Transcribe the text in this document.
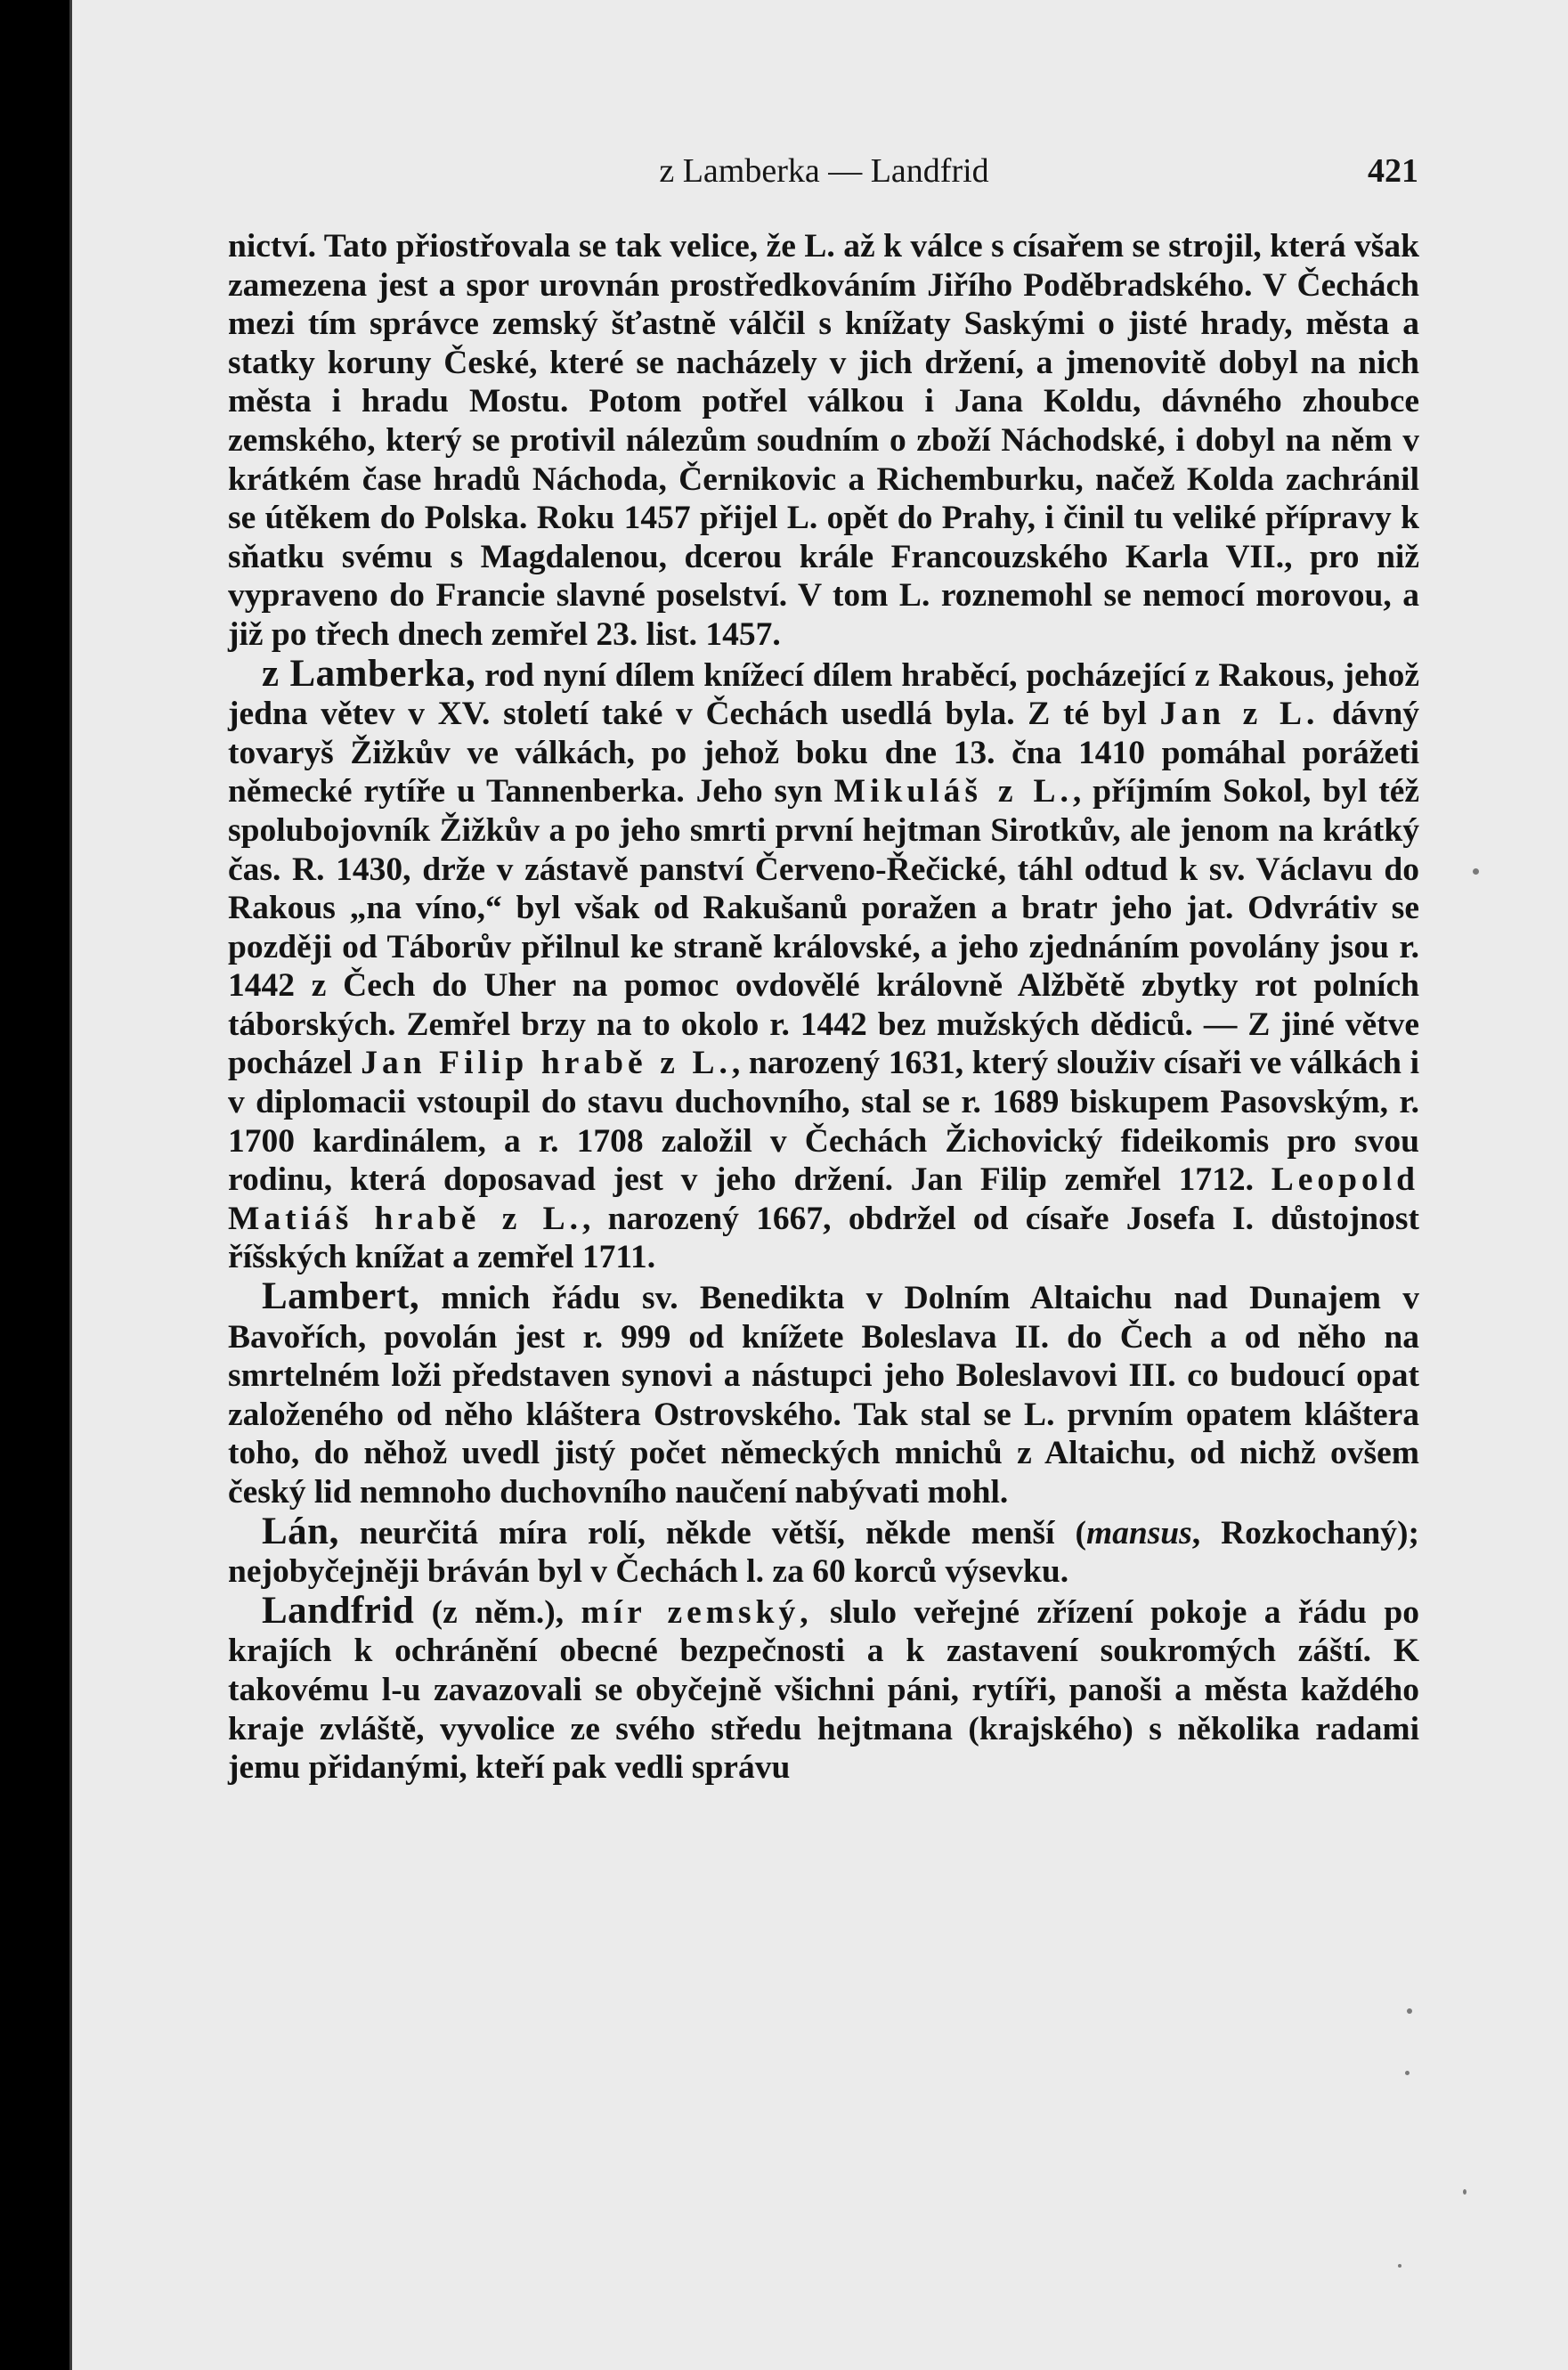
z Lamberka — Landfrid	421

nictví. Tato přiostřovala se tak velice, že L. až k válce s císařem se strojil, která však zamezena jest a spor urovnán prostředkováním Jiřího Poděbradského. V Čechách mezi tím správce zemský šťastně válčil s knížaty Saskými o jisté hrady, města a statky koruny České, které se nacházely v jich držení, a jmenovitě dobyl na nich města i hradu Mostu. Potom potřel válkou i Jana Koldu, dávného zhoubce zemského, který se protivil nálezům soudním o zboží Náchodské, i dobyl na něm v krátkém čase hradů Náchoda, Černikovic a Richemburku, načež Kolda zachránil se útěkem do Polska. Roku 1457 přijel L. opět do Prahy, i činil tu veliké přípravy k sňatku svému s Magdalenou, dcerou krále Francouzského Karla VII., pro niž vypraveno do Francie slavné poselství. V tom L. roznemohl se nemocí morovou, a již po třech dnech zemřel 23. list. 1457.

z Lamberka, rod nyní dílem knížecí dílem hraběcí, pocházející z Rakous, jehož jedna větev v XV. století také v Čechách usedlá byla. Z té byl Jan z L. dávný tovaryš Žižkův ve válkách, po jehož boku dne 13. čna 1410 pomáhal porážeti německé rytíře u Tannenberka. Jeho syn Mikuláš z L., příjmím Sokol, byl též spolubojovník Žižkův a po jeho smrti první hejtman Sirotkův, ale jenom na krátký čas. R. 1430, drže v zástavě panství Červeno-Řečické, táhl odtud k sv. Václavu do Rakous „na víno,“ byl však od Rakušanů poražen a bratr jeho jat. Odvrátiv se později od Táborův přilnul ke straně královské, a jeho zjednáním povolány jsou r. 1442 z Čech do Uher na pomoc ovdovělé královně Alžbětě zbytky rot polních táborských. Zemřel brzy na to okolo r. 1442 bez mužských dědiců. — Z jiné větve pocházel Jan Filip hrabě z L., narozený 1631, který slouživ císaři ve válkách i v diplomacii vstoupil do stavu duchovního, stal se r. 1689 biskupem Pasovským, r. 1700 kardinálem, a r. 1708 založil v Čechách Žichovický fideikomis pro svou rodinu, která doposavad jest v jeho držení. Jan Filip zemřel 1712. Leopold Matiáš hrabě z L., narozený 1667, obdržel od císaře Josefa I. důstojnost říšských knížat a zemřel 1711.

Lambert, mnich řádu sv. Benedikta v Dolním Altaichu nad Dunajem v Bavořích, povolán jest r. 999 od knížete Boleslava II. do Čech a od něho na smrtelném loži představen synovi a nástupci jeho Boleslavovi III. co budoucí opat založeného od něho kláštera Ostrovského. Tak stal se L. prvním opatem kláštera toho, do něhož uvedl jistý počet německých mnichů z Altaichu, od nichž ovšem český lid nemnoho duchovního naučení nabývati mohl.

Lán, neurčitá míra rolí, někde větší, někde menší (mansus, Rozkochaný); nejobyčejněji bráván byl v Čechách l. za 60 korců výsevku.

Landfrid (z něm.), mír zemský, slulo veřejné zřízení pokoje a řádu po krajích k ochránění obecné bezpečnosti a k zastavení soukromých záští. K takovému l-u zavazovali se obyčejně všichni páni, rytíři, panoši a města každého kraje zvláště, vyvolice ze svého středu hejtmana (krajského) s několika radami jemu přidanými, kteří pak vedli správu
